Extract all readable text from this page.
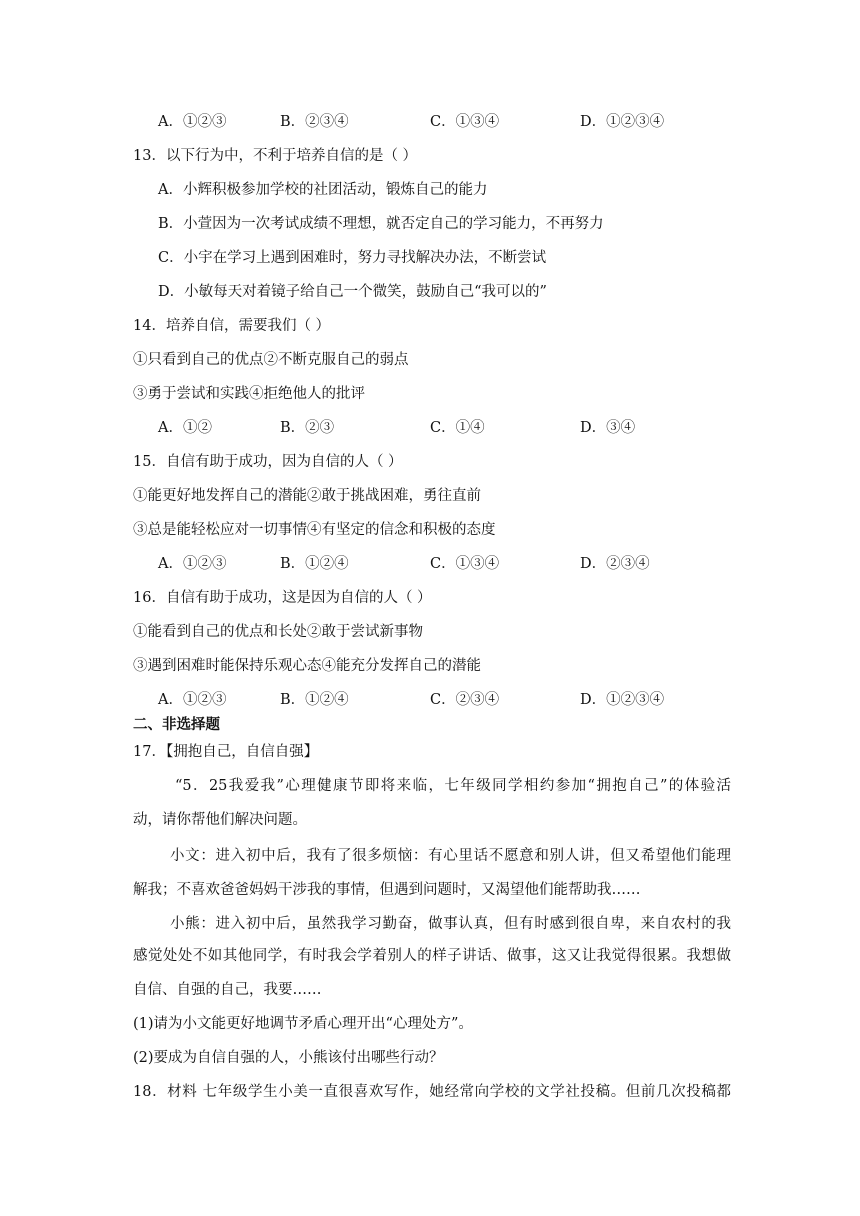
A．①②③	B．②③④	C．①③④	D．①②③④
13．以下行为中，不利于培养自信的是（ ）
A．小辉积极参加学校的社团活动，锻炼自己的能力
B．小萱因为一次考试成绩不理想，就否定自己的学习能力，不再努力
C．小宇在学习上遇到困难时，努力寻找解决办法，不断尝试
D．小敏每天对着镜子给自己一个微笑，鼓励自己“我可以的”
14．培养自信，需要我们（ ）
①只看到自己的优点②不断克服自己的弱点
③勇于尝试和实践④拒绝他人的批评
A．①②	B．②③	C．①④	D．③④
15．自信有助于成功，因为自信的人（ ）
①能更好地发挥自己的潜能②敢于挑战困难，勇往直前
③总是能轻松应对一切事情④有坚定的信念和积极的态度
A．①②③	B．①②④	C．①③④	D．②③④
16．自信有助于成功，这是因为自信的人（ ）
①能看到自己的优点和长处②敢于尝试新事物
③遇到困难时能保持乐观心态④能充分发挥自己的潜能
A．①②③	B．①②④	C．②③④	D．①②③④
二、非选择题
17．【拥抱自己，自信自强】
“5．25我爱我”心理健康节即将来临，七年级同学相约参加“拥抱自己”的体验活
动，请你帮他们解决问题。
小文：进入初中后，我有了很多烦恼：有心里话不愿意和别人讲，但又希望他们能理
解我；不喜欢爸爸妈妈干涉我的事情，但遇到问题时，又渴望他们能帮助我……
小熊：进入初中后，虽然我学习勤奋，做事认真，但有时感到很自卑，来自农村的我
感觉处处不如其他同学，有时我会学着别人的样子讲话、做事，这又让我觉得很累。我想做
自信、自强的自己，我要……
(1)请为小文能更好地调节矛盾心理开出“心理处方”。
(2)要成为自信自强的人，小熊该付出哪些行动？
18．材料 七年级学生小美一直很喜欢写作，她经常向学校的文学社投稿。但前几次投稿都
